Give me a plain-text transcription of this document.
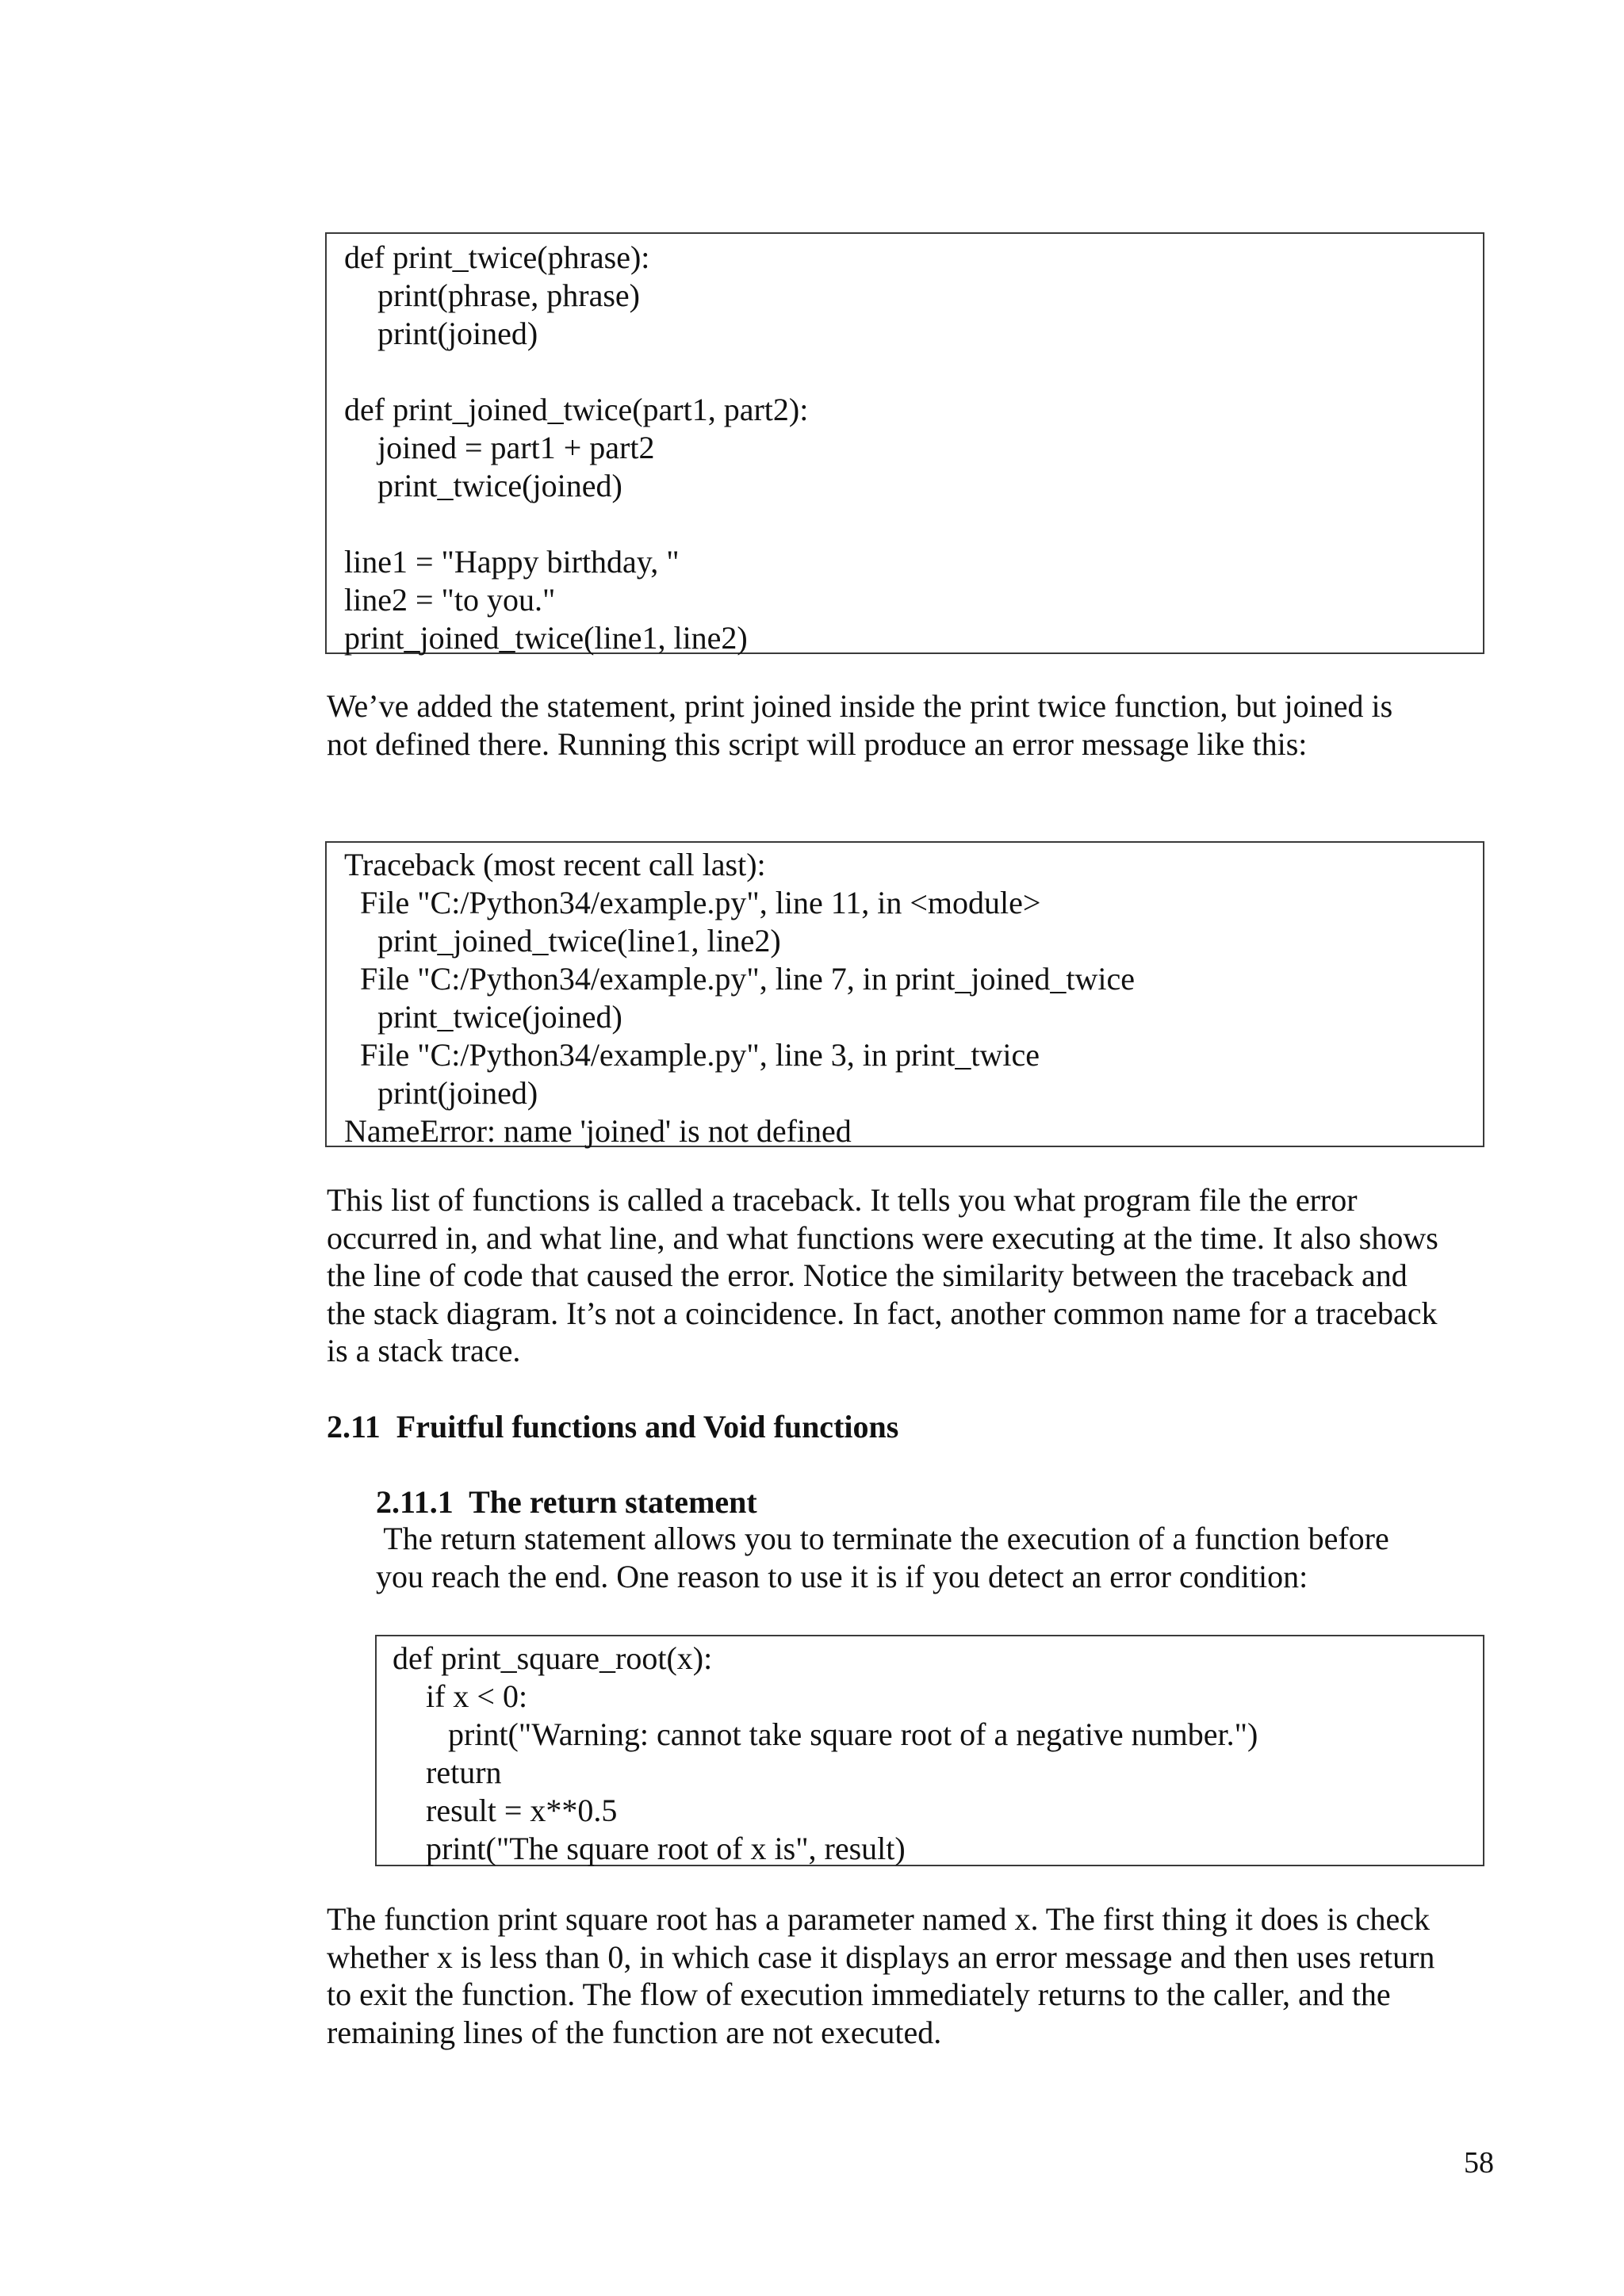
def print_twice(phrase):
print(phrase, phrase)
print(joined)
def print_joined_twice(part1, part2):
joined = part1 + part2
print_twice(joined)
line1 = "Happy birthday, "
line2 = "to you."
print_joined_twice(line1, line2)
We’ve added the statement, print joined inside the print twice function, but joined is
not defined there. Running this script will produce an error message like this:
Traceback (most recent call last):
File "C:/Python34/example.py", line 11, in <module>
print_joined_twice(line1, line2)
File "C:/Python34/example.py", line 7, in print_joined_twice
print_twice(joined)
File "C:/Python34/example.py", line 3, in print_twice
print(joined)
NameError: name 'joined' is not defined
This list of functions is called a traceback. It tells you what program file the error
occurred in, and what line, and what functions were executing at the time. It also shows
the line of code that caused the error. Notice the similarity between the traceback and
the stack diagram. It’s not a coincidence. In fact, another common name for a traceback
is a stack trace.
2.11  Fruitful functions and Void functions
2.11.1  The return statement
The return statement allows you to terminate the execution of a function before
you reach the end. One reason to use it is if you detect an error condition:
def print_square_root(x):
if x < 0:
print("Warning: cannot take square root of a negative number.")
return
result = x**0.5
print("The square root of x is", result)
The function print square root has a parameter named x. The first thing it does is check
whether x is less than 0, in which case it displays an error message and then uses return
to exit the function. The flow of execution immediately returns to the caller, and the
remaining lines of the function are not executed.
58
